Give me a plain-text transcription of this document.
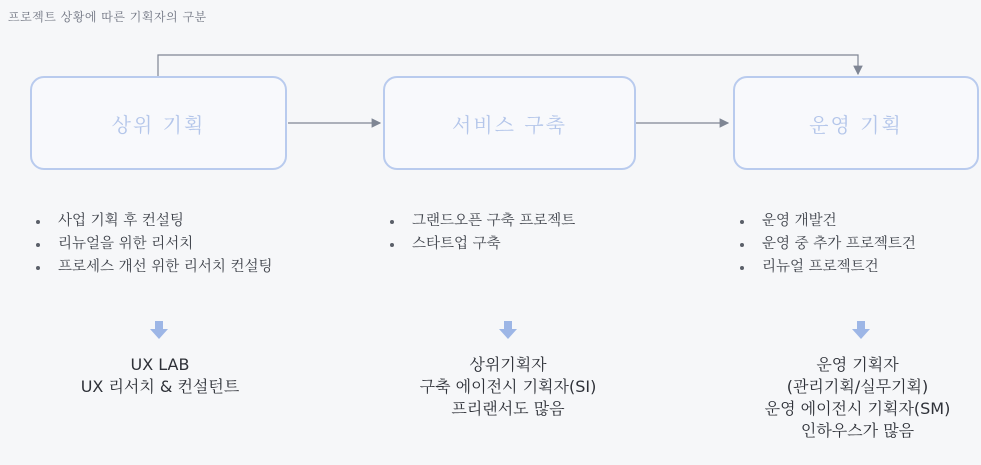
프로젝트 상황에 따른 기획자의 구분
상위 기획	서비스 구축	운영 기획
사업 기획 후 컨설팅
리뉴얼을 위한 리서치
프로세스 개선 위한 리서치 컨설팅
그랜드오픈 구축 프로젝트
스타트업 구축
운영 개발건
운영 중 추가 프로젝트건
리뉴얼 프로젝트건
UX LAB
UX 리서치 & 컨설턴트
상위기획자
구축 에이전시 기획자(SI)
프리랜서도 많음
운영 기획자
(관리기획/실무기획)
운영 에이전시 기획자(SM)
인하우스가 많음
